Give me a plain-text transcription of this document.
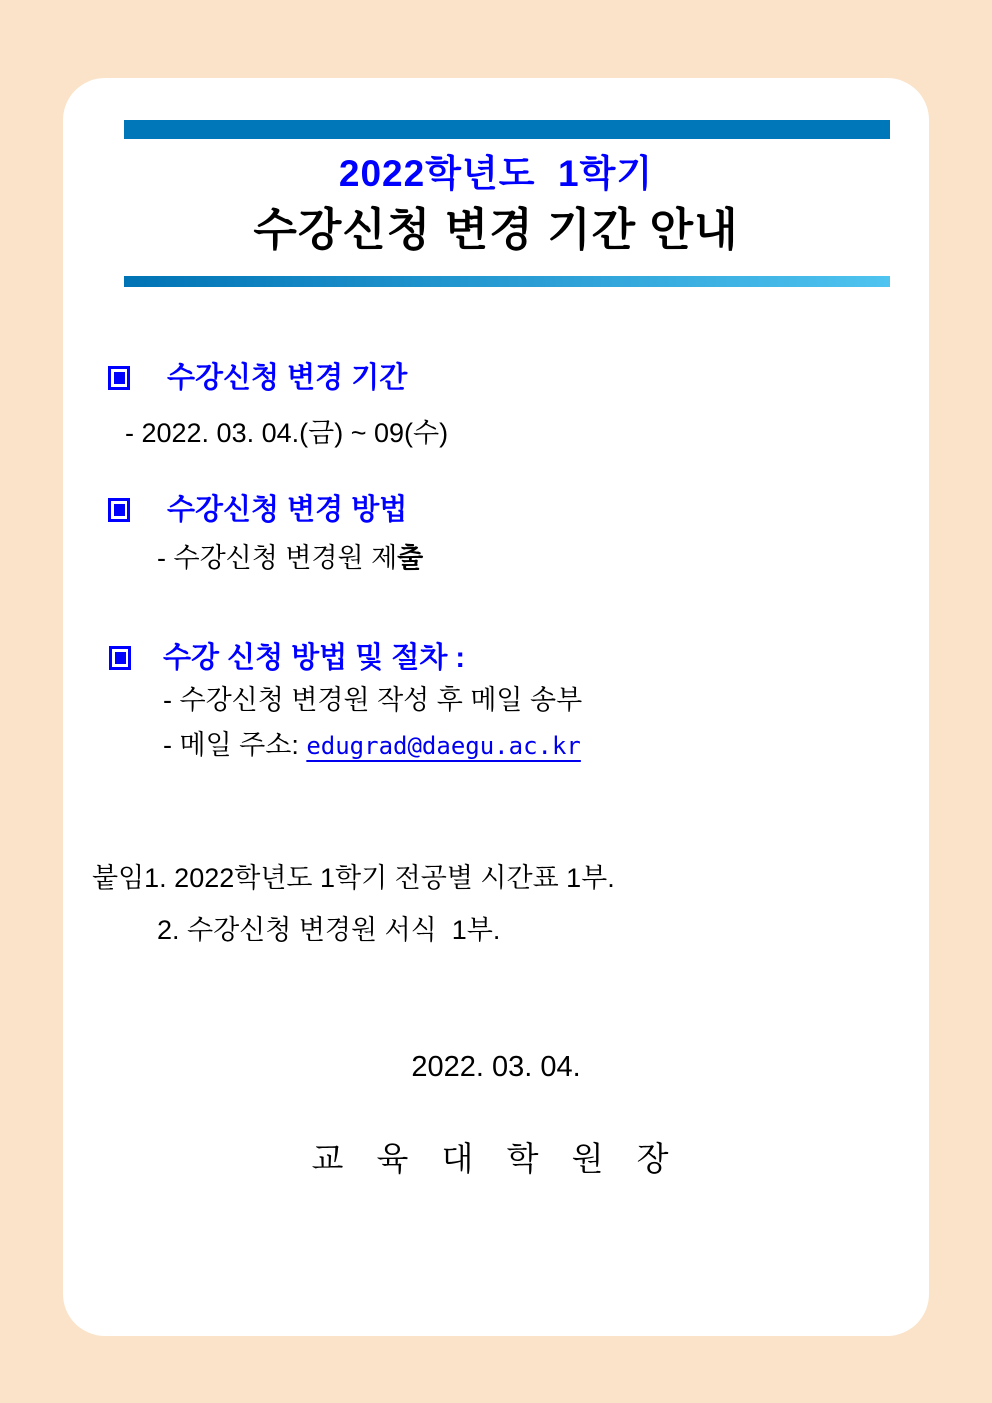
2022학년도  1학기
수강신청 변경 기간 안내
수강신청 변경 기간
- 2022. 03. 04.(금) ~ 09(수)
수강신청 변경 방법
- 수강신청 변경원 제출
수강 신청 방법 및 절차 :
- 수강신청 변경원 작성 후 메일 송부
- 메일 주소: edugrad@daegu.ac.kr
붙임1. 2022학년도 1학기 전공별 시간표 1부.
2. 수강신청 변경원 서식  1부.
2022. 03. 04.
교 육 대 학 원 장
